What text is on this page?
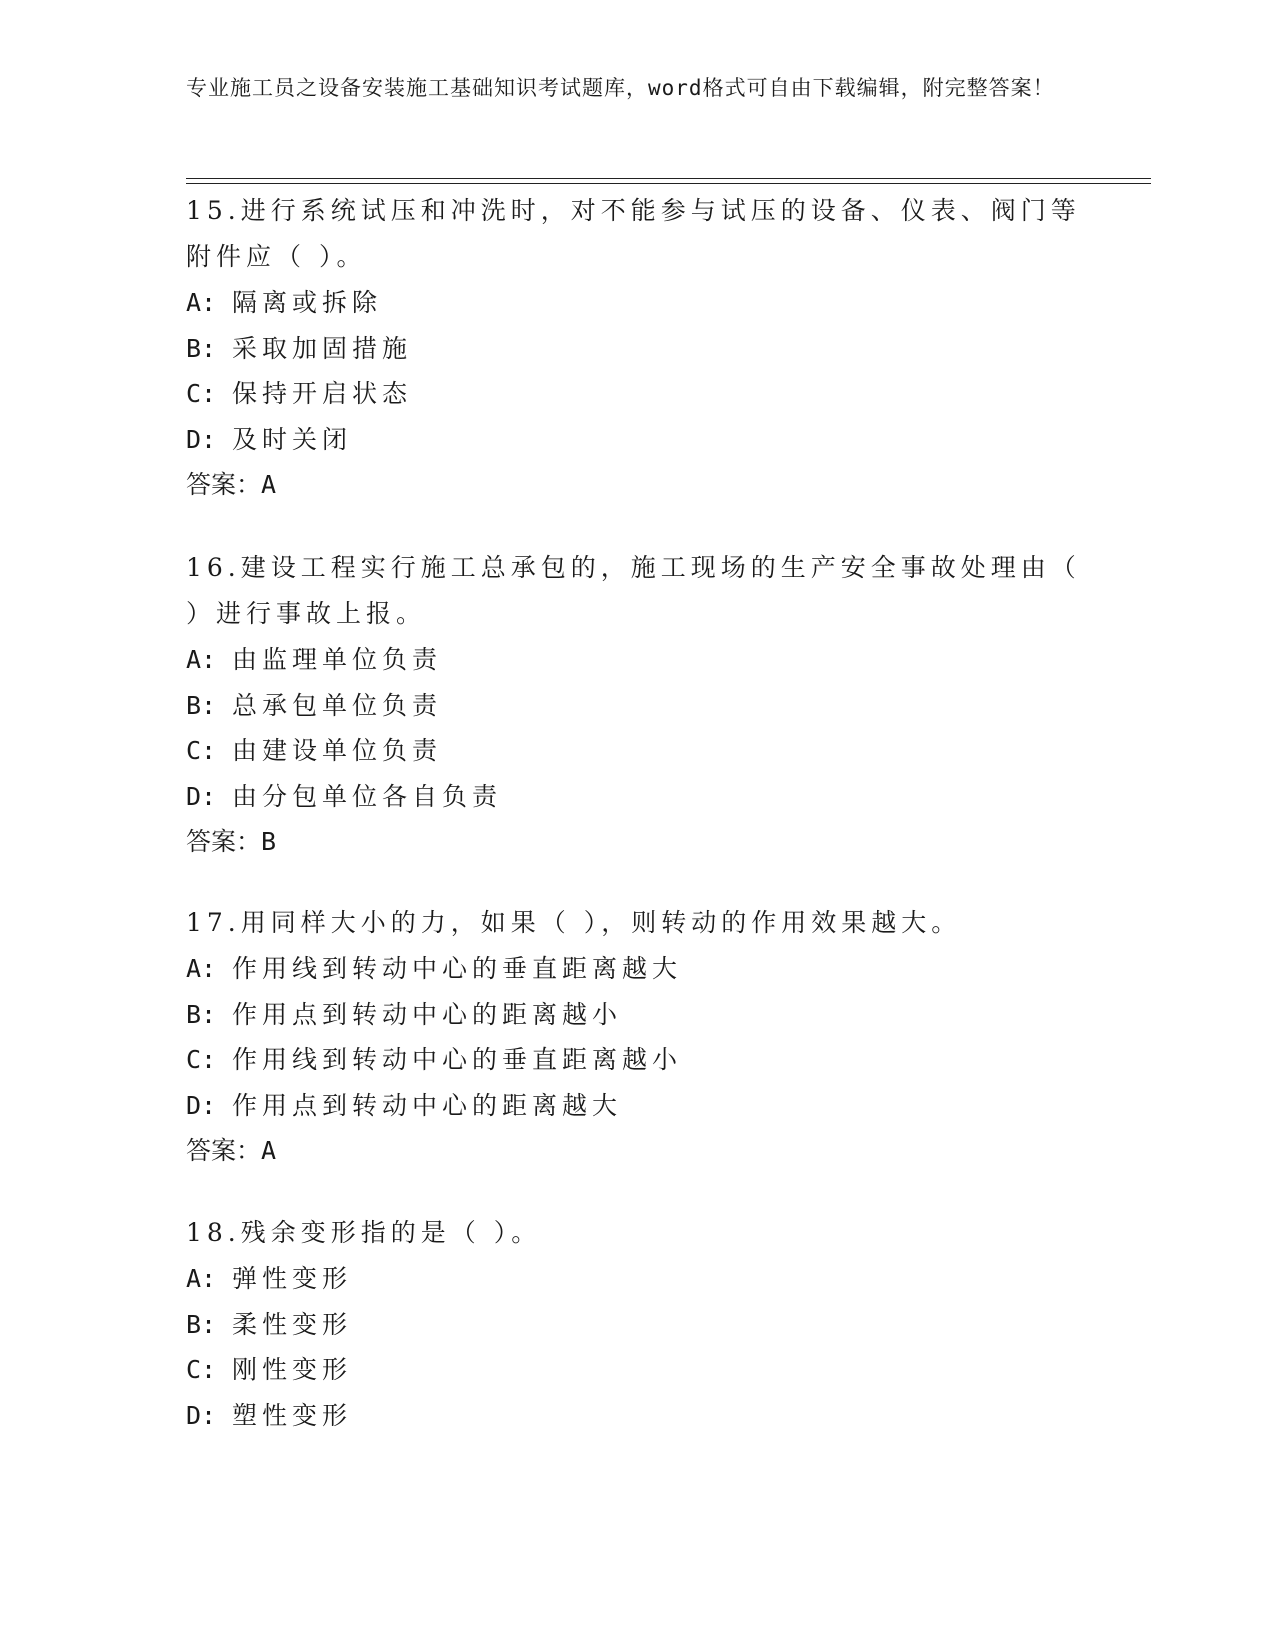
专业施工员之设备安装施工基础知识考试题库，word格式可自由下载编辑，附完整答案！

15.进行系统试压和冲洗时，对不能参与试压的设备、仪表、阀门等附件应（ ）。

A: 隔离或拆除
B: 采取加固措施
C: 保持开启状态
D: 及时关闭

答案：A

16.建设工程实行施工总承包的，施工现场的生产安全事故处理由（ ）进行事故上报。

A: 由监理单位负责
B: 总承包单位负责
C: 由建设单位负责
D: 由分包单位各自负责

答案：B

17.用同样大小的力，如果（ ），则转动的作用效果越大。

A: 作用线到转动中心的垂直距离越大
B: 作用点到转动中心的距离越小
C: 作用线到转动中心的垂直距离越小
D: 作用点到转动中心的距离越大

答案：A

18.残余变形指的是（ ）。

A: 弹性变形
B: 柔性变形
C: 刚性变形
D: 塑性变形
